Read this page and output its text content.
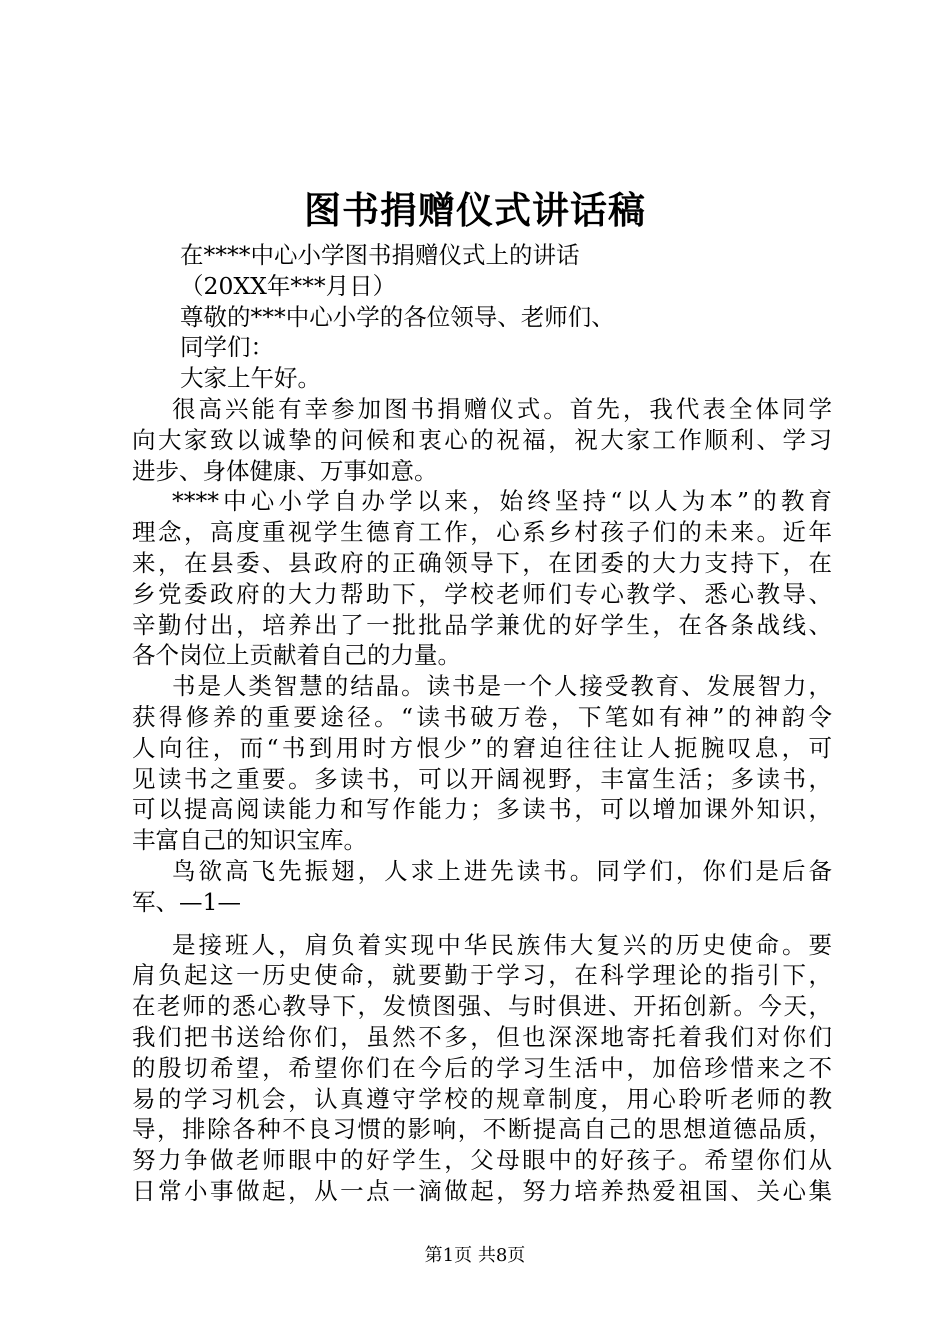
图书捐赠仪式讲话稿
在****中心小学图书捐赠仪式上的讲话
（20XX年***月日）
尊敬的***中心小学的各位领导、老师们、
同学们：
大家上午好。
很高兴能有幸参加图书捐赠仪式。首先，我代表全体同学
向大家致以诚挚的问候和衷心的祝福，祝大家工作顺利、学习
进步、身体健康、万事如意。
****中心小学自办学以来，始终坚持“以人为本”的教育
理念，高度重视学生德育工作，心系乡村孩子们的未来。近年
来，在县委、县政府的正确领导下，在团委的大力支持下，在
乡党委政府的大力帮助下，学校老师们专心教学、悉心教导、
辛勤付出，培养出了一批批品学兼优的好学生，在各条战线、
各个岗位上贡献着自己的力量。
书是人类智慧的结晶。读书是一个人接受教育、发展智力，
获得修养的重要途径。“读书破万卷，下笔如有神”的神韵令
人向往，而“书到用时方恨少”的窘迫往往让人扼腕叹息，可
见读书之重要。多读书，可以开阔视野，丰富生活；多读书，
可以提高阅读能力和写作能力；多读书，可以增加课外知识，
丰富自己的知识宝库。
鸟欲高飞先振翅，人求上进先读书。同学们，你们是后备
军、—1—
是接班人，肩负着实现中华民族伟大复兴的历史使命。要
肩负起这一历史使命，就要勤于学习，在科学理论的指引下，
在老师的悉心教导下，发愤图强、与时俱进、开拓创新。今天，
我们把书送给你们，虽然不多，但也深深地寄托着我们对你们
的殷切希望，希望你们在今后的学习生活中，加倍珍惜来之不
易的学习机会，认真遵守学校的规章制度，用心聆听老师的教
导，排除各种不良习惯的影响，不断提高自己的思想道德品质，
努力争做老师眼中的好学生，父母眼中的好孩子。希望你们从
日常小事做起，从一点一滴做起，努力培养热爱祖国、关心集
第1页 共8页
